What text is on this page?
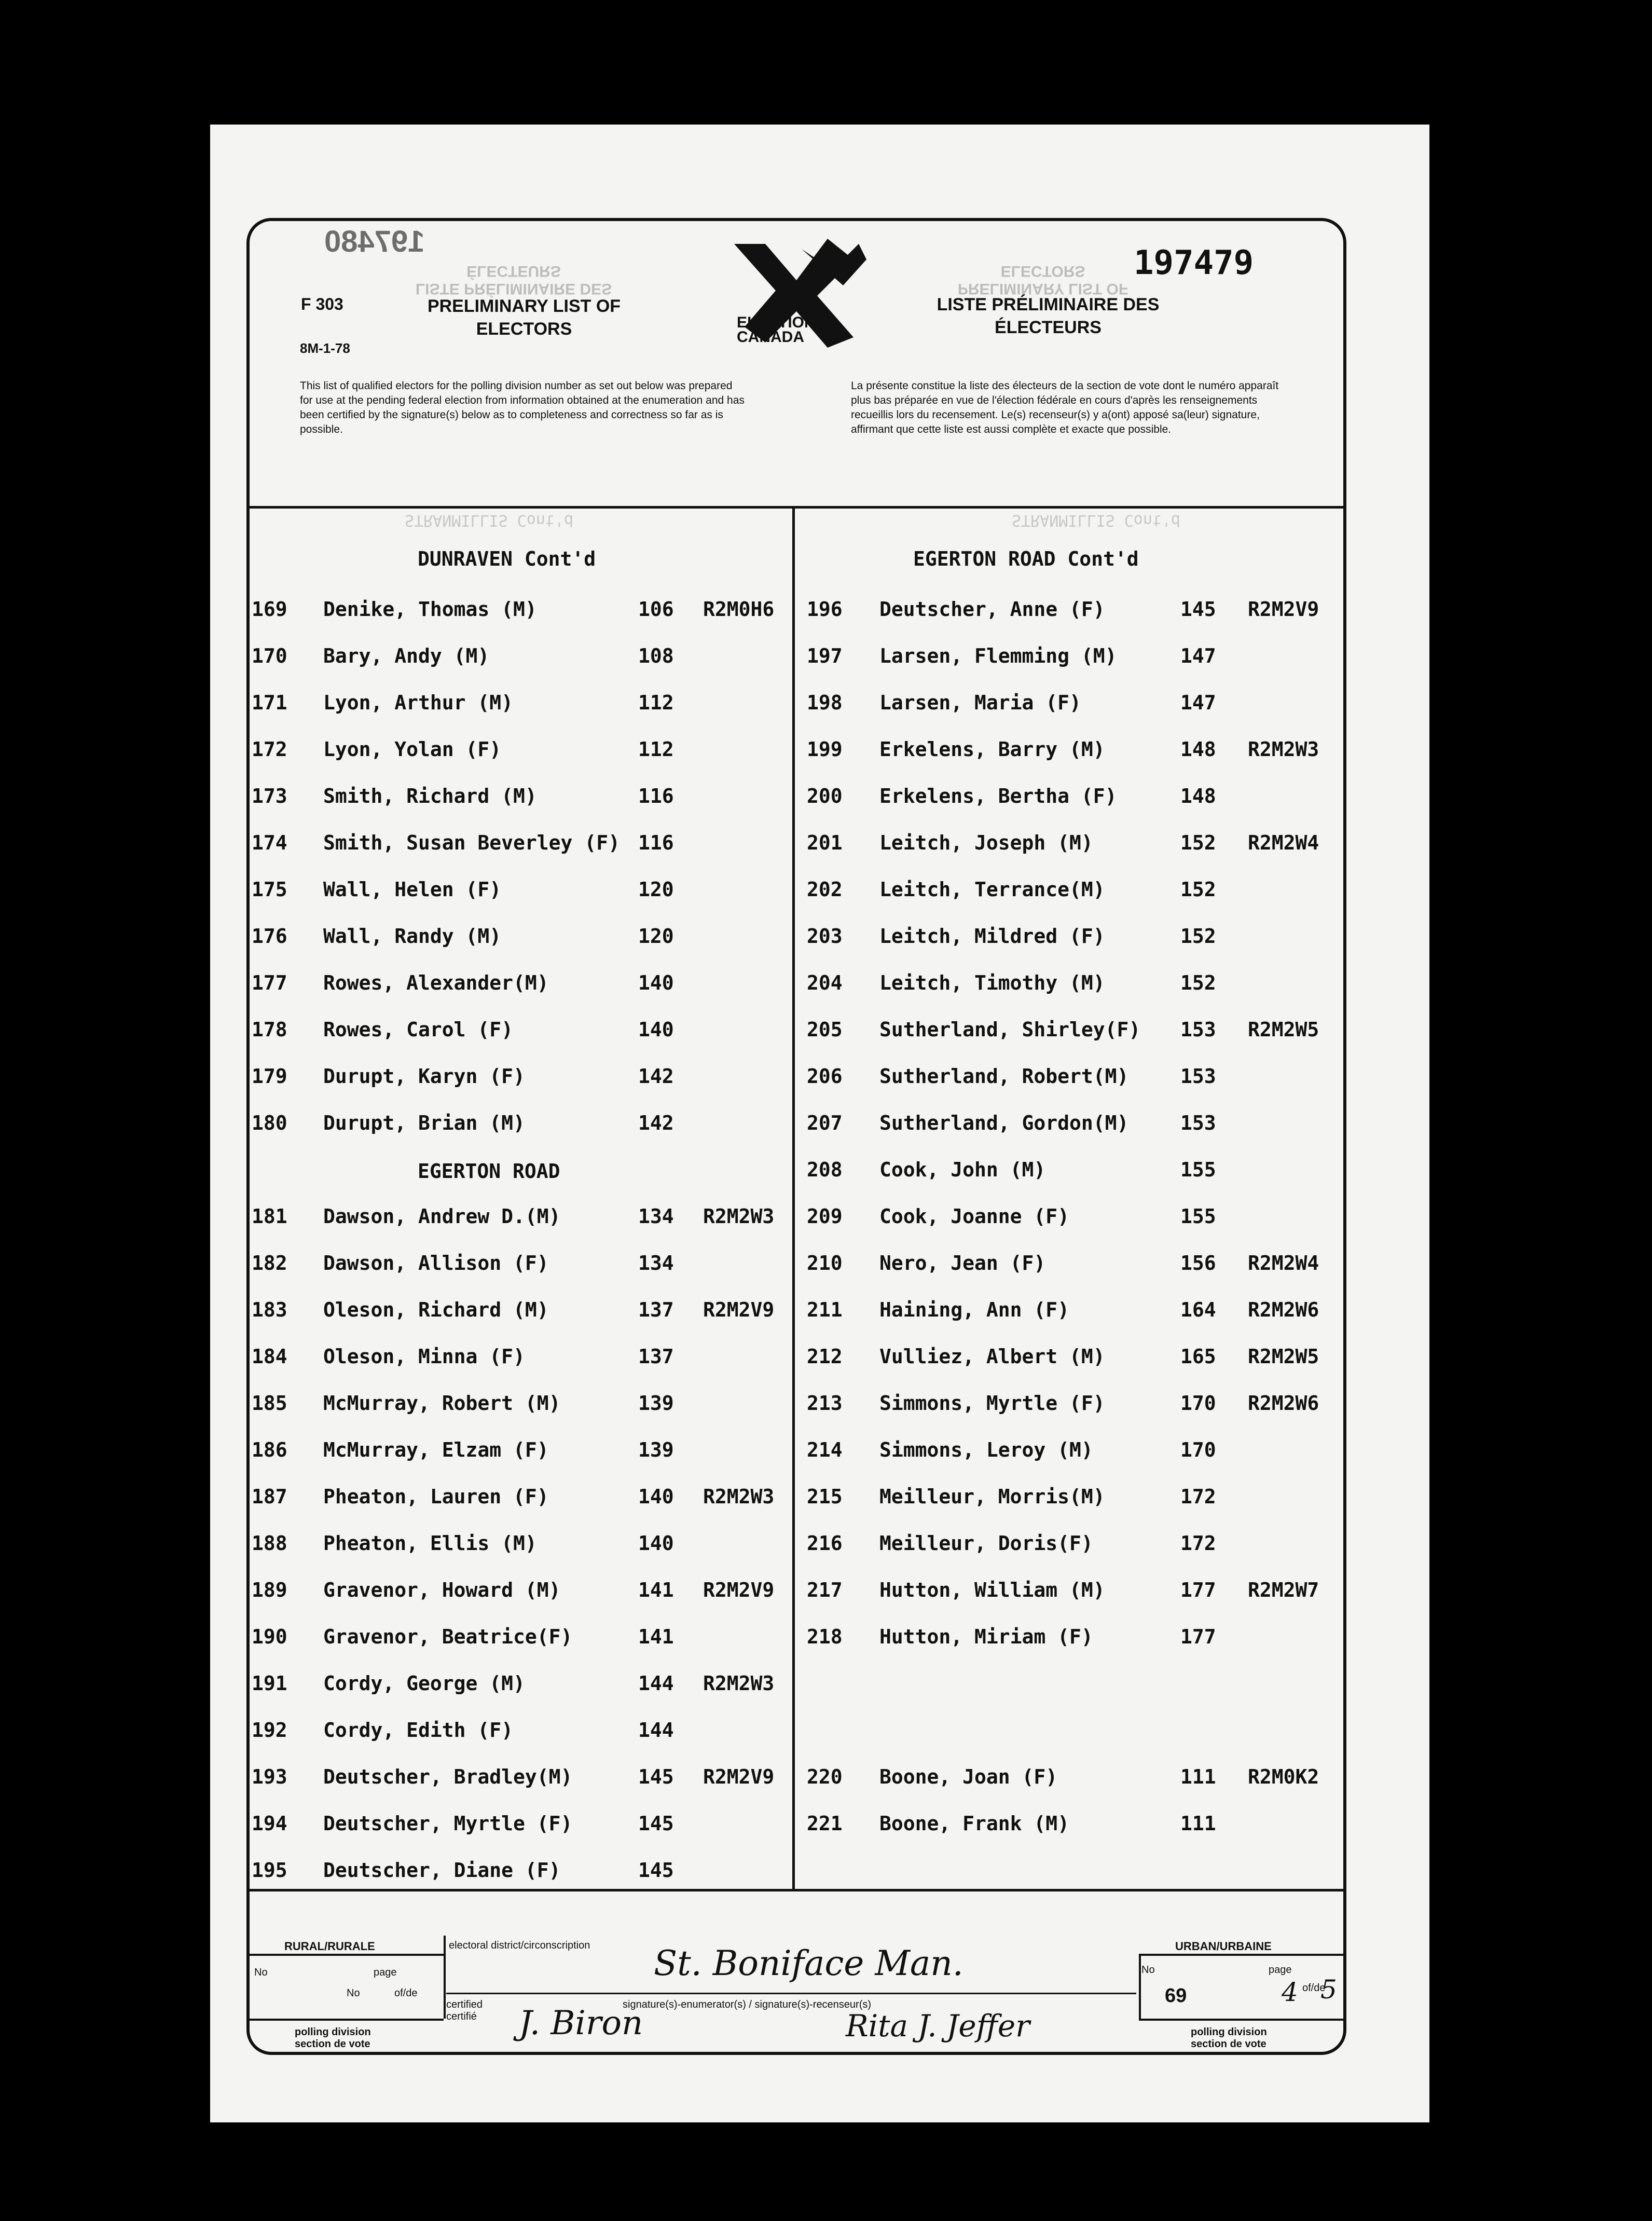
197480
F 303
8M-1-78
LISTE PRÉLIMINAIRE DES ÉLECTEURS
PRELIMINARY LIST OF ELECTORS	ELECTIONS CANADA
PRELIMINARY LIST OF ELECTORS	197479
LISTE PRÉLIMINAIRE DES ÉLECTEURS
This list of qualified electors for the polling division number as set out below was prepared for use at the pending federal election from information obtained at the enumeration and has been certified by the signature(s) below as to completeness and correctness so far as is possible.
La présente constitue la liste des électeurs de la section de vote dont le numéro apparaît plus bas préparée en vue de l'élection fédérale en cours d'après les renseignements recueillis lors du recensement. Le(s) recenseur(s) y a(ont) apposé sa(leur) signature, affirmant que cette liste est aussi complète et exacte que possible.
STRANMILLIS Cont'd	STRANMILLIS Cont'd
DUNRAVEN Cont'd
169 Denike, Thomas (M)	106 R2M0H6
170 Bary, Andy (M)	108
171 Lyon, Arthur (M)	112
172 Lyon, Yolan (F)	112
173 Smith, Richard (M)	116
174 Smith, Susan Beverley (F) 116
175 Wall, Helen (F)	120
176 Wall, Randy (M)	120
177 Rowes, Alexander(M)	140
178 Rowes, Carol (F)	140
179 Durupt, Karyn (F)	142
180 Durupt, Brian (M)	142
EGERTON ROAD
181 Dawson, Andrew D.(M)	134 R2M2W3
182 Dawson, Allison (F)	134
183 Oleson, Richard (M)	137 R2M2V9
184 Oleson, Minna (F)	137
185 McMurray, Robert (M)	139
186 McMurray, Elzam (F)	139
187 Pheaton, Lauren (F)	140 R2M2W3
188 Pheaton, Ellis (M)	140
189 Gravenor, Howard (M)	141 R2M2V9
190 Gravenor, Beatrice(F)	141
191 Cordy, George (M)	144 R2M2W3
192 Cordy, Edith (F)	144
193 Deutscher, Bradley(M)	145 R2M2V9
194 Deutscher, Myrtle (F)	145
195 Deutscher, Diane (F)	145
EGERTON ROAD Cont'd
196 Deutscher, Anne (F)	145 R2M2V9
197 Larsen, Flemming (M)	147
198 Larsen, Maria (F)	147
199 Erkelens, Barry (M)	148 R2M2W3
200 Erkelens, Bertha (F)	148
201 Leitch, Joseph (M)	152 R2M2W4
202 Leitch, Terrance(M)	152
203 Leitch, Mildred (F)	152
204 Leitch, Timothy (M)	152
205 Sutherland, Shirley(F) 153 R2M2W5
206 Sutherland, Robert(M)	153
207 Sutherland, Gordon(M)	153
208 Cook, John (M)	155
209 Cook, Joanne (F)	155
210 Nero, Jean (F)	156 R2M2W4
211 Haining, Ann (F)	164 R2M2W6
212 Vulliez, Albert (M)	165 R2M2W5
213 Simmons, Myrtle (F)	170 R2M2W6
214 Simmons, Leroy (M)	170
215 Meilleur, Morris(M)	172
216 Meilleur, Doris(F)	172
217 Hutton, William (M)	177 R2M2W7
218 Hutton, Miriam (F)	177
220 Boone, Joan (F)	111 R2M0K2
221 Boone, Frank (M)	111
RURAL/RURALE	electoral district/circonscription	URBAN/URBAINE
No	page
No	of/de
certified certifié
signature(s)-enumerator(s) / signature(s)-recenseur(s)
polling division section de vote
polling division section de vote
No	page
of/de
St. Boniface Man.
J. Biron	Rita J. Jeffer
69	4 5
